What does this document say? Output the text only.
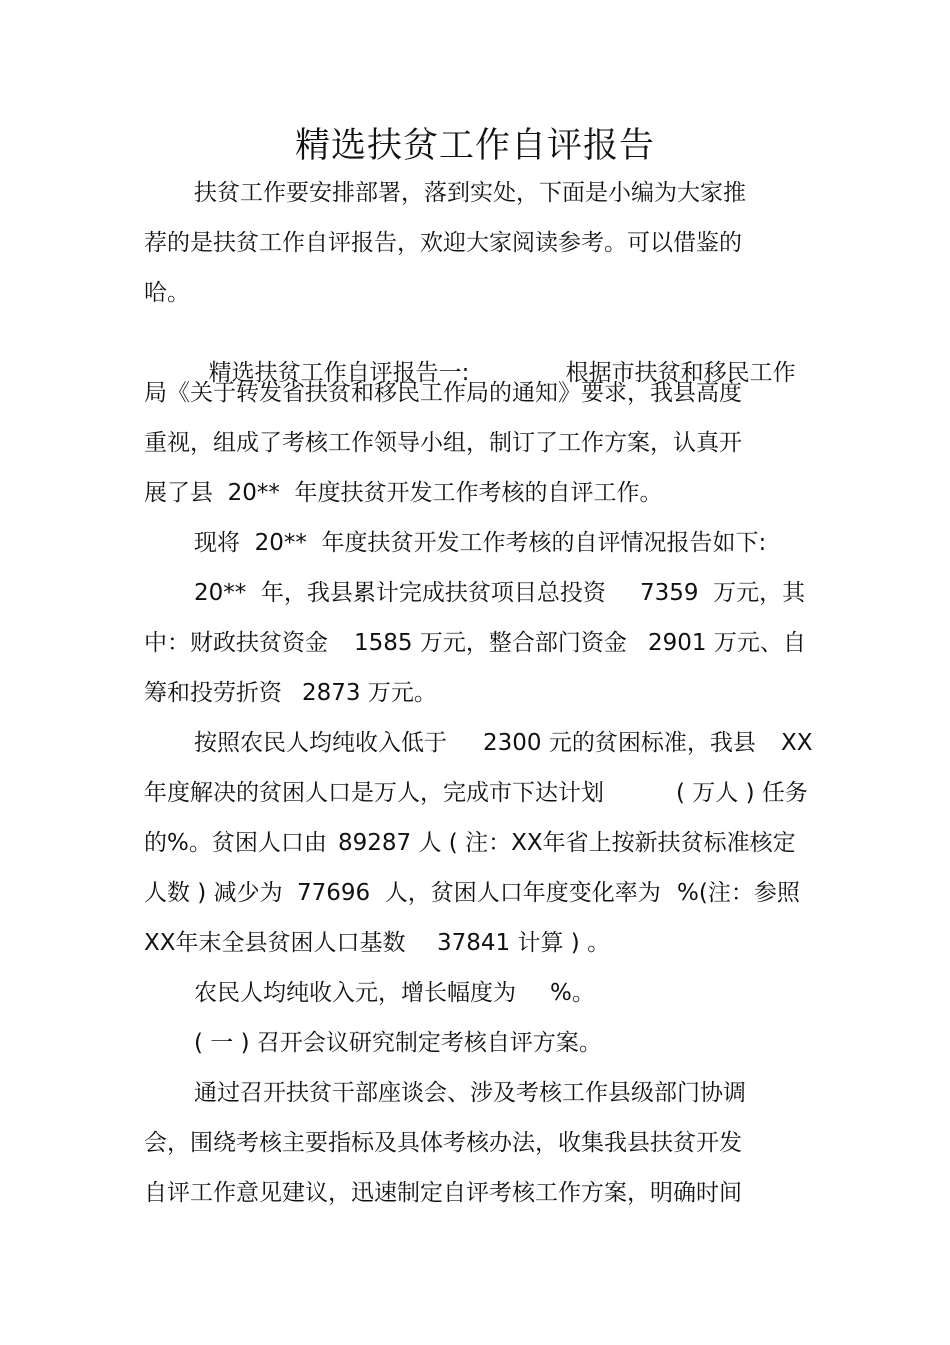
精选扶贫工作自评报告
扶贫工作要安排部署，落到实处，下面是小编为大家推
荐的是扶贫工作自评报告，欢迎大家阅读参考。可以借鉴的
哈。

精选扶贫工作自评报告一:	根据市扶贫和移民工作

局《关于转发省扶贫和移民工作局的通知》要求，我县高度
重视，组成了考核工作领导小组，制订了工作方案，认真开
展了县  20**  年度扶贫开发工作考核的自评工作。
现将  20**  年度扶贫开发工作考核的自评情况报告如下:
20**  年，我县累计完成扶贫项目总投资 7359  万元，其
中：财政扶贫资金 1585 万元，整合部门资金 2901 万元、自
筹和投劳折资 2873 万元。
按照农民人均纯收入低于 2300 元的贫困标准，我县 XX
年度解决的贫困人口是万人，完成市下达计划	( 万人 ) 任务
的%。贫困人口由 89287 人 ( 注：XX年省上按新扶贫标准核定
人数 ) 减少为 77696  人，贫困人口年度变化率为 %(注：参照
XX年末全县贫困人口基数 37841 计算 ) 。
农民人均纯收入元，增长幅度为 %。
( 一 ) 召开会议研究制定考核自评方案。
通过召开扶贫干部座谈会、涉及考核工作县级部门协调
会，围绕考核主要指标及具体考核办法，收集我县扶贫开发
自评工作意见建议，迅速制定自评考核工作方案，明确时间
